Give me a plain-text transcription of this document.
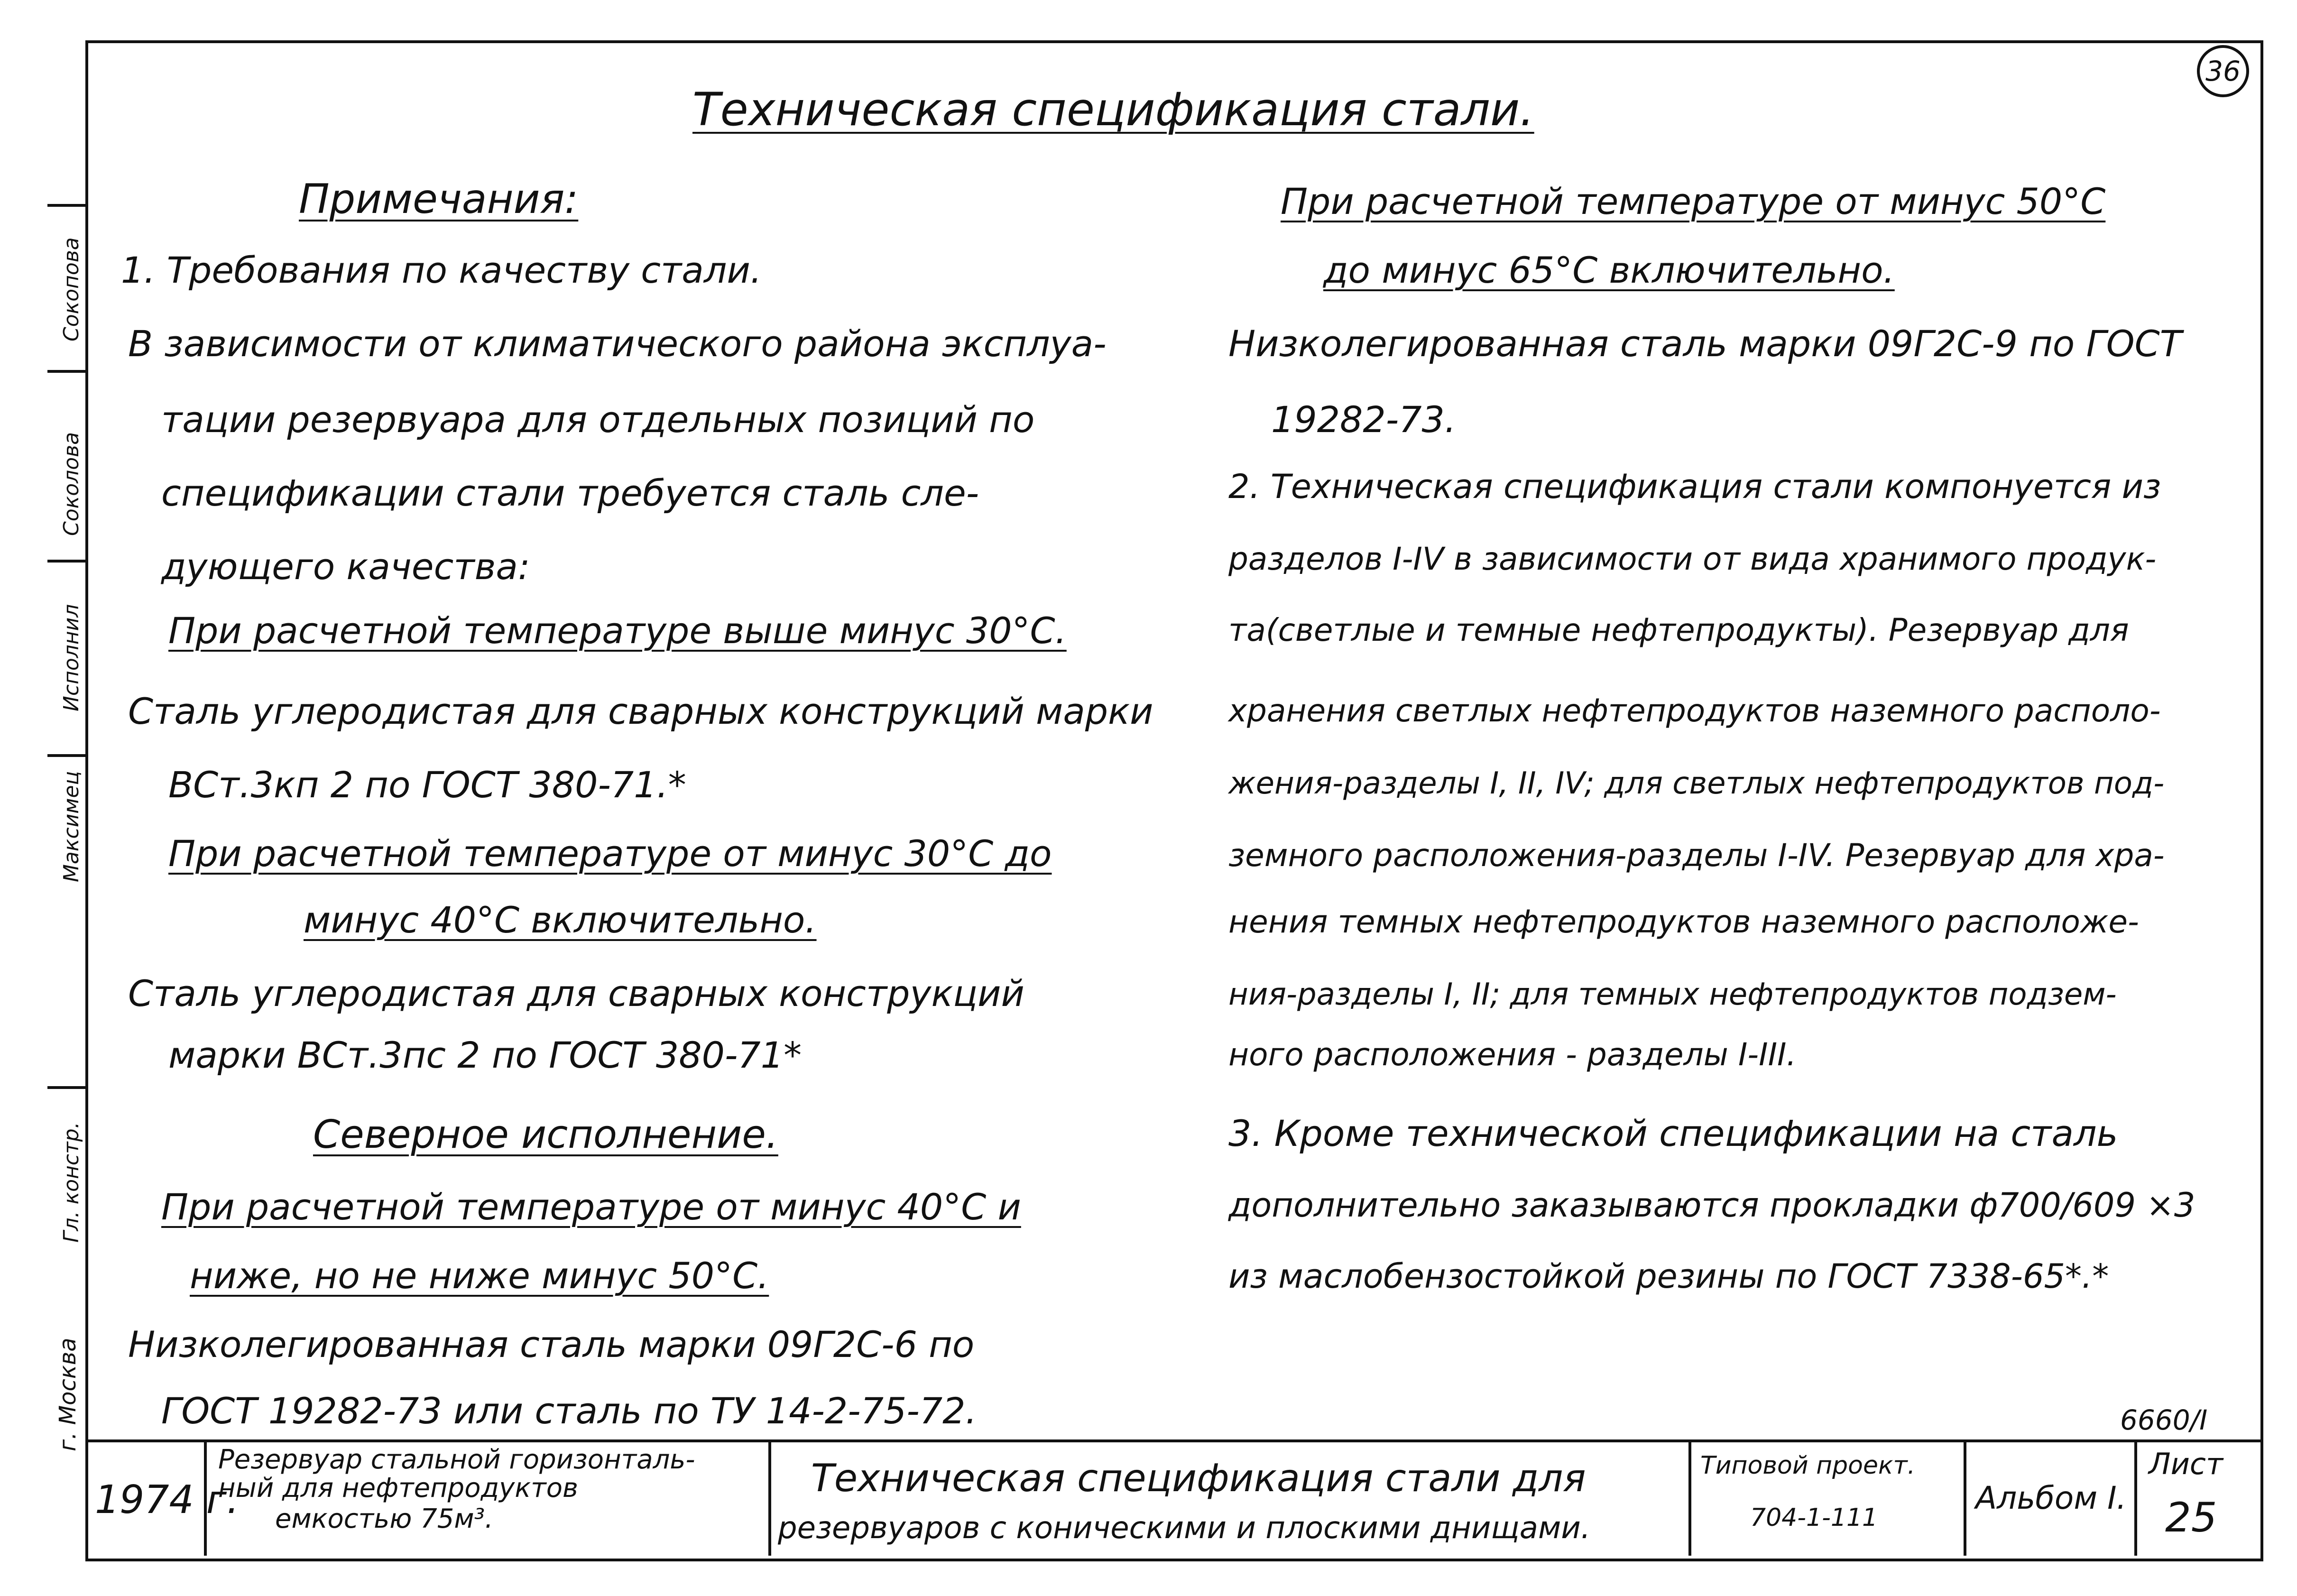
36
Техническая спецификация стали.
Примечания:
1. Требования по качеству стали.
В зависимости от климатического района эксплуа-
тации резервуара для отдельных позиций по
спецификации стали требуется сталь сле-
дующего качества:
При расчетной температуре выше минус 30°С.
Сталь углеродистая для сварных конструкций марки
ВСт.3кп 2 по ГОСТ 380-71.*
При расчетной температуре от минус 30°С до
минус 40°С включительно.
Сталь углеродистая для сварных конструкций
марки ВСт.3пс 2 по ГОСТ 380-71*
Северное исполнение.
При расчетной температуре от минус 40°С и
ниже, но не ниже минус 50°С.
Низколегированная сталь марки 09Г2С-6 по
ГОСТ 19282-73 или сталь по ТУ 14-2-75-72.
При расчетной температуре от минус 50°С
до минус 65°С включительно.
Низколегированная сталь марки 09Г2С-9 по ГОСТ
19282-73.
2. Техническая спецификация стали компонуется из
разделов I-IV в зависимости от вида хранимого продук-
та(светлые и темные нефтепродукты). Резервуар для
хранения светлых нефтепродуктов наземного располо-
жения-разделы I, II, IV; для светлых нефтепродуктов под-
земного расположения-разделы I-IV. Резервуар для хра-
нения темных нефтепродуктов наземного расположе-
ния-разделы I, II; для темных нефтепродуктов подзем-
ного расположения - разделы I-III.
3. Кроме технической спецификации на сталь
дополнительно заказываются прокладки ф700/609 ×3
из маслобензостойкой резины по ГОСТ 7338-65*.*
Сокопова
Соколова
Исполнил
Максимец
Гл. констр.
г. Москва	6660/I
1974 г.
Резервуар стальной горизонталь-
ный для нефтепродуктов
емкостью 75м³.
Техническая спецификация стали для
резервуаров с коническими и плоскими днищами.
Типовой проект.
704-1-111
Альбом I.
Лист
25
